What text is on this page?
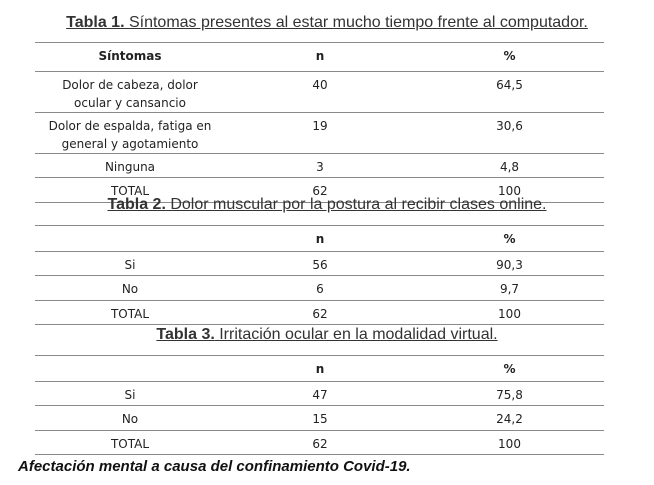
Tabla 1. Síntomas presentes al estar mucho tiempo frente al computador.
Síntomas	n	%

Dolor de cabeza, dolor ocular y cansancio	40	64,5

Dolor de espalda, fatiga en general y agotamiento	19	30,6

Ninguna	3	4,8

TOTAL	62	100
Tabla 2. Dolor muscular por la postura al recibir clases online.

	n	%

Si	56	90,3

No	6	9,7

TOTAL	62	100
Tabla 3. Irritación ocular en la modalidad virtual.

	n	%

Si	47	75,8

No	15	24,2

TOTAL	62	100
Afectación mental a causa del confinamiento Covid-19.
